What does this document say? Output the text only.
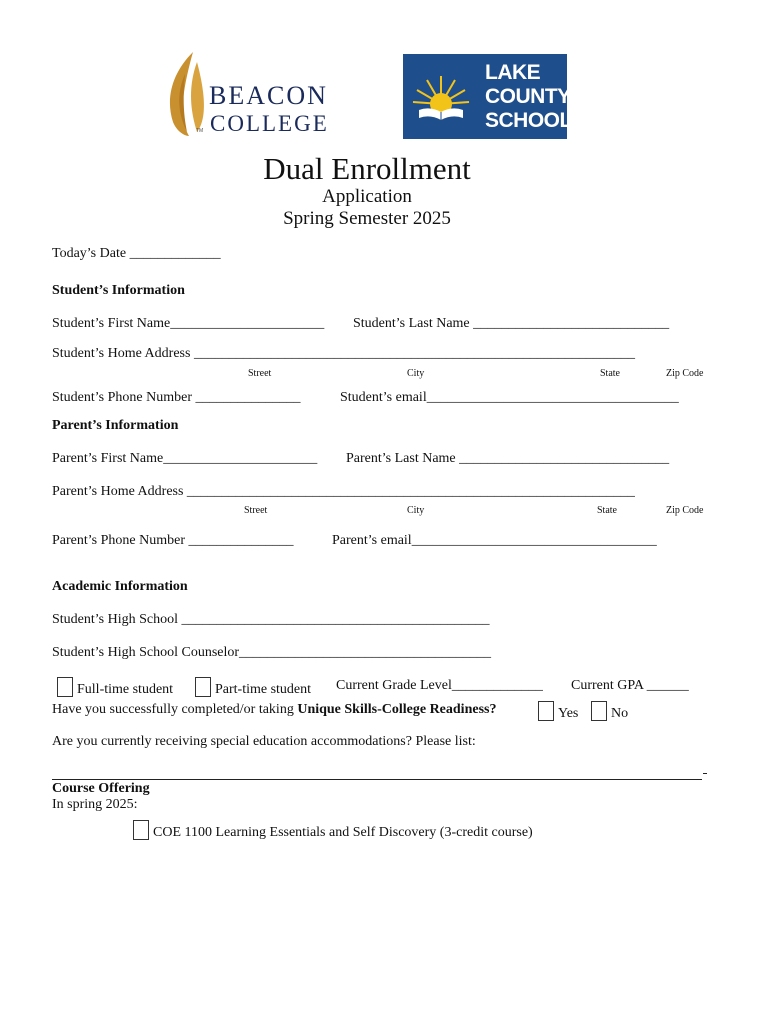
TM
BEACON
COLLEGE
LAKE
COUNTY
SCHOOLS
Dual Enrollment
Application
Spring Semester 2025
Today’s Date _____________
Student’s Information
Student’s First Name______________________ Student’s Last Name ____________________________
Student’s Home Address _______________________________________________________________
Street	City	State	Zip Code
Student’s Phone Number _______________	Student’s email____________________________________
Parent’s Information
Parent’s First Name______________________ Parent’s Last Name ______________________________
Parent’s Home Address ________________________________________________________________
Street	City	State	Zip Code
Parent’s Phone Number _______________	Parent’s email___________________________________
Academic Information
Student’s High School ____________________________________________
Student’s High School Counselor____________________________________
Full-time student	Part-time student Current Grade Level_____________ Current GPA ______
Have you successfully completed/or taking Unique Skills-College Readiness?	Yes	No
Are you currently receiving special education accommodations? Please list:
Course Offering
In spring 2025:
COE 1100 Learning Essentials and Self Discovery (3-credit course)
